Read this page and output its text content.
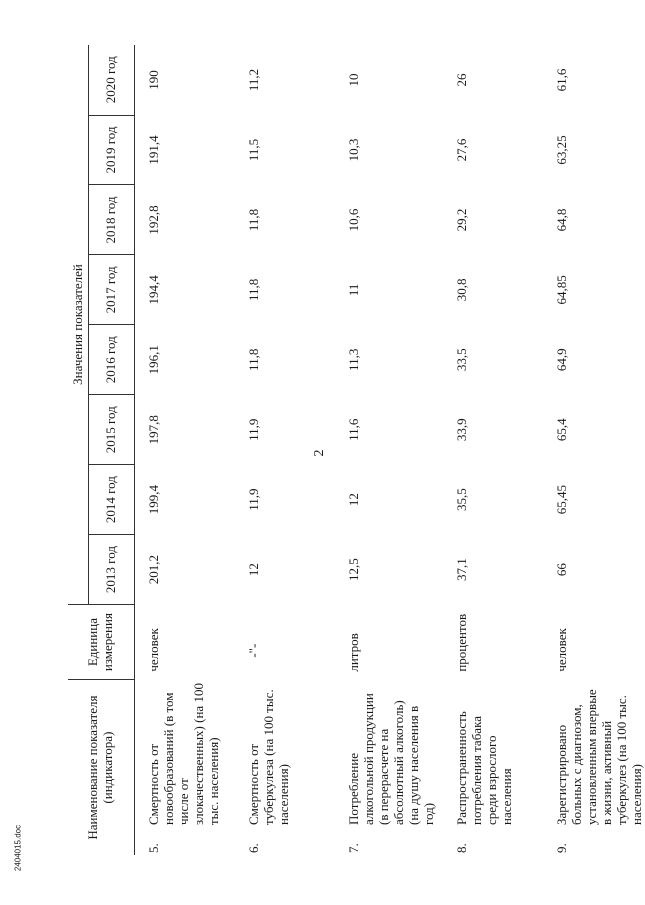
2
Наименование показателя (индикатора)	Единица измерения	Значения показателей
2013 год	2014 год	2015 год	2016 год	2017 год	2018 год	2019 год	2020 год

5.	Смертность от новообразований (в том числе от злокачественных) (на 100 тыс. населения)
	человек	201,2	199,4	197,8	196,1	194,4	192,8	191,4	190

6.	Смертность от туберкулеза (на 100 тыс. населения)
	-"-	12	11,9	11,9	11,8	11,8	11,8	11,5	11,2

7.	Потребление алкогольной продукции (в перерасчете на абсолютный алкоголь) (на душу населения в год)
	литров	12,5	12	11,6	11,3	11	10,6	10,3	10

8.	Распространенность потребления табака среди взрослого населения
	процентов	37,1	35,5	33,9	33,5	30,8	29,2	27,6	26

9.	Зарегистрировано больных с диагнозом, установленным впервые в жизни, активный туберкулез (на 100 тыс. населения)
	человек	66	65,45	65,4	64,9	64,85	64,8	63,25	61,6
2404015.doc
